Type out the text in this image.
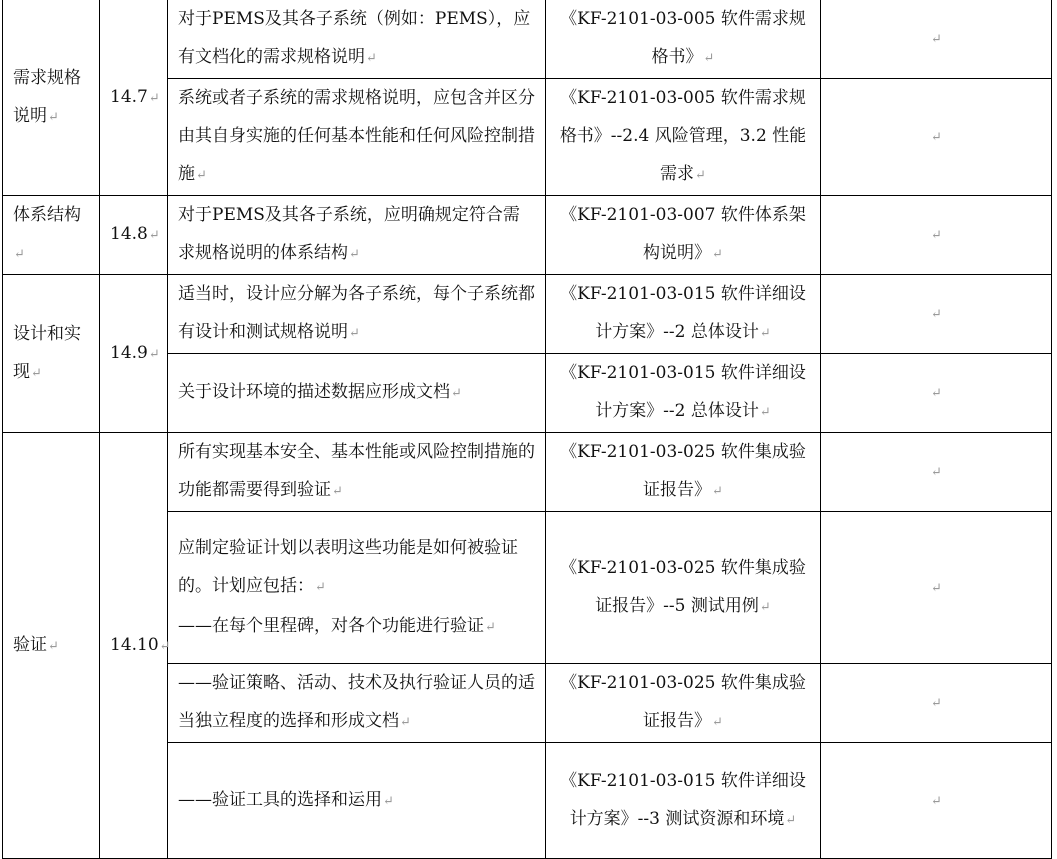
需求规格说明 ↵	14.7 ↵	对于PEMS及其各子系统（例如：PEMS），应有文档化的需求规格说明 ↵	《KF-2101-03-005 软件需求规格书》 ↵	↵
		系统或者子系统的需求规格说明，应包含并区分由其自身实施的任何基本性能和任何风险控制措施 ↵	《KF-2101-03-005 软件需求规格书》--2.4 风险管理，3.2 性能需求 ↵	↵
体系结构 ↵	14.8 ↵	对于PEMS及其各子系统，应明确规定符合需求规格说明的体系结构 ↵	《KF-2101-03-007 软件体系架构说明》 ↵	↵
设计和实现 ↵	14.9 ↵	适当时，设计应分解为各子系统，每个子系统都有设计和测试规格说明 ↵	《KF-2101-03-015 软件详细设计方案》--2 总体设计 ↵	↵
		关于设计环境的描述数据应形成文档 ↵	《KF-2101-03-015 软件详细设计方案》--2 总体设计 ↵	↵
验证 ↵	14.10 ↵	所有实现基本安全、基本性能或风险控制措施的功能都需要得到验证 ↵	《KF-2101-03-025 软件集成验证报告》 ↵	↵
		应制定验证计划以表明这些功能是如何被验证的。计划应包括： ↵
——在每个里程碑，对各个功能进行验证 ↵	《KF-2101-03-025 软件集成验证报告》--5 测试用例 ↵	↵
		——验证策略、活动、技术及执行验证人员的适当独立程度的选择和形成文档 ↵	《KF-2101-03-025 软件集成验证报告》 ↵	↵
		——验证工具的选择和运用 ↵	《KF-2101-03-015 软件详细设计方案》--3 测试资源和环境 ↵	↵
